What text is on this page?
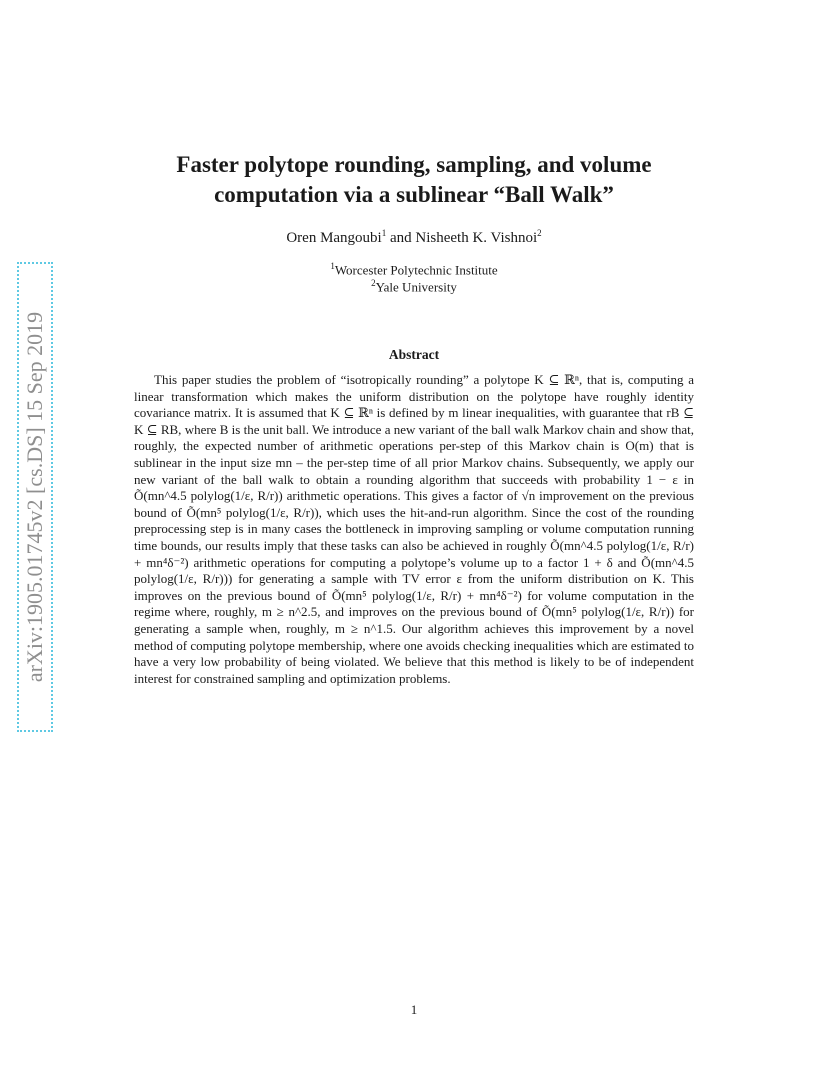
arXiv:1905.01745v2 [cs.DS] 15 Sep 2019
Faster polytope rounding, sampling, and volume
computation via a sublinear “Ball Walk”
Oren Mangoubi$^1$ and Nisheeth K. Vishnoi$^2$
$^1$Worcester Polytechnic Institute
$^2$Yale University
Abstract

This paper studies the problem of “isotropically rounding” a polytope K ⊆ ℝⁿ, that is, computing a linear transformation which makes the uniform distribution on the polytope have roughly identity covariance matrix. It is assumed that K ⊆ ℝⁿ is defined by m linear inequalities, with guarantee that rB ⊆ K ⊆ RB, where B is the unit ball. We introduce a new variant of the ball walk Markov chain and show that, roughly, the expected number of arithmetic operations per-step of this Markov chain is O(m) that is sublinear in the input size mn – the per-step time of all prior Markov chains. Subsequently, we apply our new variant of the ball walk to obtain a rounding algorithm that succeeds with probability 1 − ε in Õ(mn^4.5 polylog(1/ε, R/r)) arithmetic operations. This gives a factor of √n improvement on the previous bound of Õ(mn⁵ polylog(1/ε, R/r)), which uses the hit-and-run algorithm. Since the cost of the rounding preprocessing step is in many cases the bottleneck in improving sampling or volume computation running time bounds, our results imply that these tasks can also be achieved in roughly Õ(mn^4.5 polylog(1/ε, R/r) + mn⁴δ⁻²) arithmetic operations for computing a polytope’s volume up to a factor 1 + δ and Õ(mn^4.5 polylog(1/ε, R/r))) for generating a sample with TV error ε from the uniform distribution on K. This improves on the previous bound of Õ(mn⁵ polylog(1/ε, R/r) + mn⁴δ⁻²) for volume computation in the regime where, roughly, m ≥ n^2.5, and improves on the previous bound of Õ(mn⁵ polylog(1/ε, R/r)) for generating a sample when, roughly, m ≥ n^1.5. Our algorithm achieves this improvement by a novel method of computing polytope membership, where one avoids checking inequalities which are estimated to have a very low probability of being violated. We believe that this method is likely to be of independent interest for constrained sampling and optimization problems.

1
